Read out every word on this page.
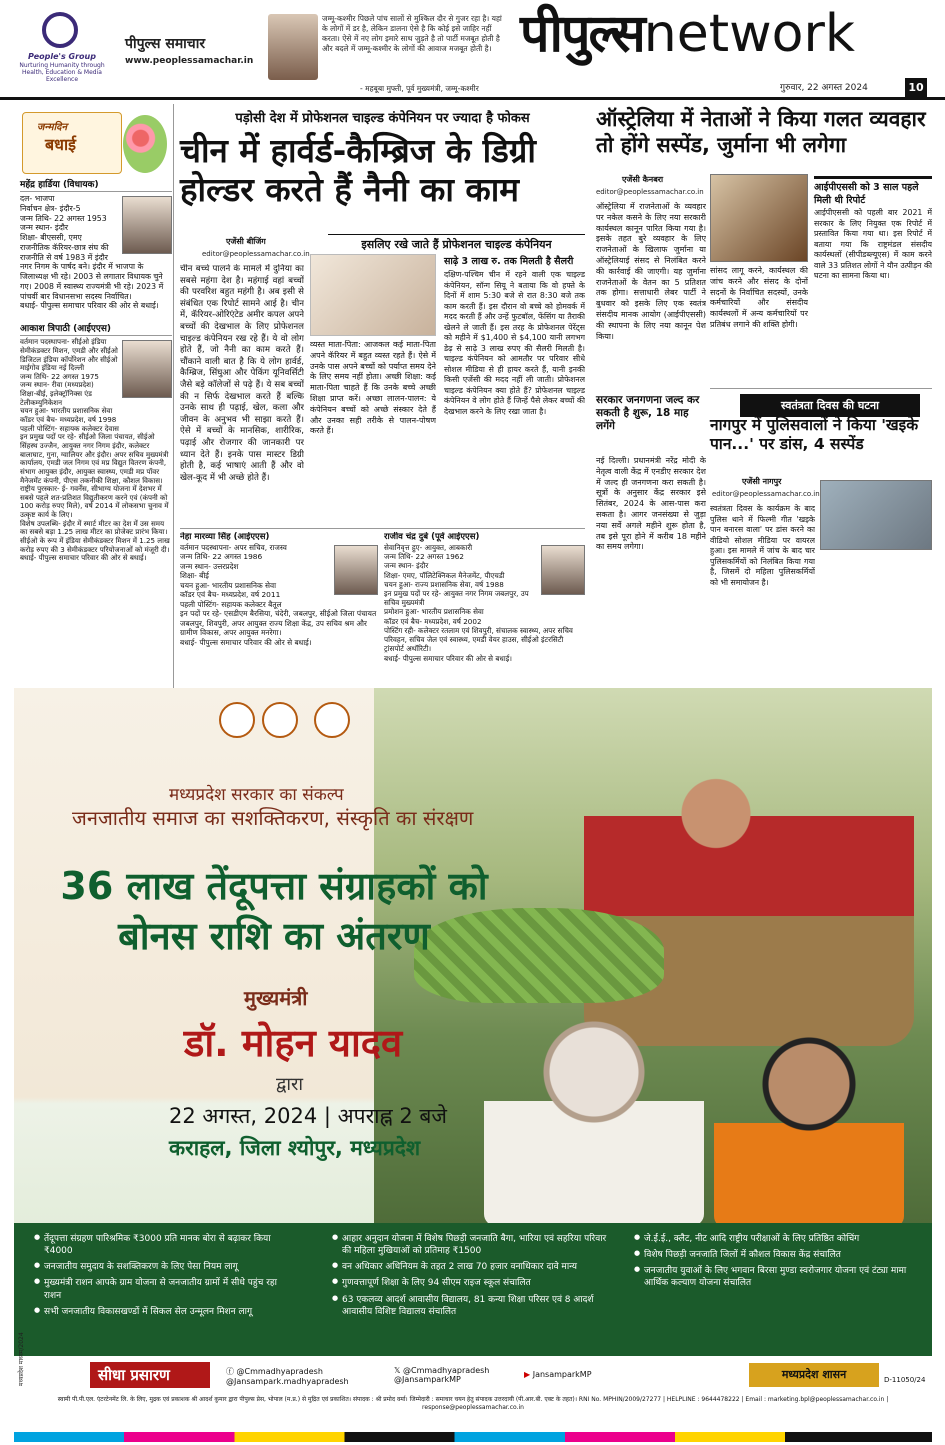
People's Group
Nurturing Humanity through Health, Education & Media Excellence
पीपुल्स समाचार
www.peoplessamachar.in
जम्मू-कश्मीर पिछले पांच सालों से मुश्किल दौर से गुजर रहा है। यहां के लोगों में डर है, लेकिन डालना ऐसे है कि कोई इसे जाहिर नहीं करता। ऐसे में नए लोग इमारे साथ जुड़ते है तो पार्टी मजबूत होती है और बदले में जम्मू-कश्मीर के लोगों की आवाज मजबूत होती है।
- महबूबा मुफ्ती, पूर्व मुख्यमंत्री, जम्मू-कश्मीर
पीपुल्सnetwork
गुरुवार, 22 अगस्त 2024	10
जन्मदिन
बधाई
महेंद्र हार्डिया (विधायक)
दल- भाजपा
निर्वाचन क्षेत्र- इंदौर-5
जन्म तिथि- 22 अगस्त 1953
जन्म स्थान- इंदौर
शिक्षा- बीएससी, एमए
राजनीतिक कॅरियर-छात्र संघ की राजनीति से वर्ष 1983 में इंदौर नगर निगम के पार्षद बने। इंदौर में भाजपा के जिलाध्यक्ष भी रहे। 2003 से लगातार विधायक चुने गए। 2008 में स्वास्थ्य राज्यमंत्री भी रहे। 2023 में पांचवीं बार विधानसभा सदस्य निर्वाचित।
बधाई- पीपुल्स समाचार परिवार की ओर से बधाई।
आकाश त्रिपाठी (आईएएस)
वर्तमान पदस्थापना- सीईओ इंडिया सेमीकंडक्टर मिशन, एमडी और सीईओ डिजिटल इंडिया कॉर्पोरेशन और सीईओ माईगोव इंडिया नई दिल्ली
जन्म तिथि- 22 अगस्त 1975
जन्म स्थान- रीवा (मध्यप्रदेश)
शिक्षा-बीई, इलेक्ट्रॉनिक्स एंड टेलीकम्युनिकेशन
चयन हुआ- भारतीय प्रशासनिक सेवा
कॉडर एवं बैच- मध्यप्रदेश, वर्ष 1998
पहली पोस्टिंग- सहायक कलेक्टर देवास
इन प्रमुख पदों पर रहे- सीईओ जिला पंचायत, सीईओ सिंहस्थ उज्जैन, आयुक्त नगर निगम इंदौर, कलेक्टर बालाघाट, गुना, ग्वालियर और इंदौर। अपर सचिव मुख्यमंत्री कार्यालय, एमडी जल निगम एवं मप्र विद्युत वितरण कंपनी, संभाग आयुक्त इंदौर, आयुक्त स्वास्थ्य, एमडी मप्र पॉवर मैनेजमेंट कंपनी, पीएस तकनीकी शिक्षा, कौशल विकास।
राष्ट्रीय पुरस्कार- ई- गवर्नेंस, सीभाग्य योजना में देशभर में सबसे पहले शत-प्रतिशत विद्युतीकरण करने एवं (कंपनी को 100 करोड़ रुपए मिले), वर्ष 2014 में लोकसभा चुनाव में उत्कृष्ट कार्य के लिए।
विशेष उपलब्धि- इंदौर में स्मार्ट मीटर का देश में उस समय का सबसे बड़ा 1.25 लाख मीटर का प्रोजेक्ट प्रारंभ किया। सीईओ के रूप में इंडिया सेमीकंडक्टर मिशन में 1.25 लाख करोड़ रुपए की 3 सेमीकंडक्टर परियोजनाओं को मंजूरी दी।
बधाई- पीपुल्स समाचार परिवार की ओर से बधाई।
पड़ोसी देश में प्रोफेशनल चाइल्ड कंपेनियन पर ज्यादा है फोकस
चीन में हार्वर्ड-कैम्ब्रिज के डिग्री होल्डर करते हैं नैनी का काम
एजेंसी बीजिंग
editor@peoplessamachar.co.in
इसलिए रखे जाते हैं प्रोफेशनल चाइल्ड कंपेनियन
चीन बच्चे पालने के मामले में दुनिया का सबसे महंगा देश है। महंगाई वहां बच्चों की परवरिश बहुत महंगी है। अब इसी से संबंधित एक रिपोर्ट सामने आई है। चीन में, कॅरियर-ओरिएंटेड अमीर कपल अपने बच्चों की देखभाल के लिए प्रोफेशनल चाइल्ड कंपेनियन रख रहे हैं। ये वो लोग होते हैं, जो नैनी का काम करते हैं। चौंकाने वाली बात है कि ये लोग हार्वर्ड, कैम्ब्रिज, सिंघुआ और पेकिंग यूनिवर्सिटी जैसे बड़े कॉलेजों से पढ़े हैं। ये सब बच्चों की न सिर्फ देखभाल करते हैं बल्कि उनके साथ ही पढ़ाई, खेल, कला और जीवन के अनुभव भी साझा करते हैं। ऐसे में बच्चों के मानसिक, शारीरिक, पढ़ाई और रोजगार की जानकारी पर ध्यान देते हैं। इनके पास मास्टर डिग्री होती है, कई भाषाएं आती हैं और वो खेल-कूद में भी अच्छे होते हैं।
व्यस्त माता-पिता: आजकल कई माता-पिता अपने कॅरियर में बहुत व्यस्त रहते हैं। ऐसे में उनके पास अपने बच्चों को पर्याप्त समय देने के लिए समय नहीं होता। अच्छी शिक्षा: कई माता-पिता चाहते हैं कि उनके बच्चे अच्छी शिक्षा प्राप्त करें। अच्छा लालन-पालन: ये कंपेनियन बच्चों को अच्छे संस्कार देते हैं और उनका सही तरीके से पालन-पोषण करते हैं।
साढ़े 3 लाख रु. तक मिलती है सैलरी
दक्षिण-पश्चिम चीन में रहने वाली एक चाइल्ड कंपेनियन, सॉन्ग सियू ने बताया कि वो हफ्ते के दिनों में शाम 5:30 बजे से रात 8:30 बजे तक काम करती हैं। इस दौरान वो बच्चे को होमवर्क में मदद करती हैं और उन्हें फुटबॉल, फेंसिंग या तैराकी खेलने ले जाती हैं। इस तरह के प्रोफेशनल पेरेंट्स को महीने में $1,400 से $4,100 यानी लगभग डेढ़ से साढ़े 3 लाख रुपए की सैलरी मिलती है। चाइल्ड कंपेनियन को आमतौर पर परिवार सीधे सोशल मीडिया से ही हायर करते हैं, यानी इनकी किसी एजेंसी की मदद नहीं ली जाती। प्रोफेशनल चाइल्ड कंपेनियन क्या होते हैं? प्रोफेशनल चाइल्ड कंपेनियन वे लोग होते हैं जिन्हें पैसे लेकर बच्चों की देखभाल करने के लिए रखा जाता है।
नेहा मारव्या सिंह (आईएएस)
वर्तमान पदस्थापना- अपर सचिव, राजस्व
जन्म तिथि- 22 अगस्त 1986
जन्म स्थान- उत्तरप्रदेश
शिक्षा- बीई
चयन हुआ- भारतीय प्रशासनिक सेवा
कॉडर एवं बैच- मध्यप्रदेश, वर्ष 2011
पहली पोस्टिंग- सहायक कलेक्टर बैतूल
इन पदों पर रहे- एसडीएम बैरसिया, चंदेरी, जबलपुर, सीईओ जिला पंचायत जबलपुर, शिवपुरी, अपर आयुक्त राज्य शिक्षा केंद्र, उप सचिव श्रम और ग्रामीण विकास, अपर आयुक्त मनरेगा।
बधाई- पीपुल्स समाचार परिवार की ओर से बधाई।
राजीव चंद्र दुबे (पूर्व आईएएस)
सेवानिवृत्त हुए- आयुक्त, आबकारी
जन्म तिथि- 22 अगस्त 1962
जन्म स्थान- इंदौर
शिक्षा- एमए, पॉलिटेक्निकल मैनेजमेंट, पीएचडी
चयन हुआ- राज्य प्रशासनिक सेवा, वर्ष 1988
इन प्रमुख पदों पर रहे- आयुक्त नगर निगम जबलपुर, उप सचिव मुख्यमंत्री
प्रमोशन हुआ- भारतीय प्रशासनिक सेवा
कॉडर एवं बैच- मध्यप्रदेश, वर्ष 2002
पोस्टिंग रही- कलेक्टर रतलाम एवं शिवपुरी, संचालक स्वास्थ्य, अपर सचिव परिवहन, सचिव जेल एवं स्वास्थ्य, एमडी वेयर हाउस, सीईओ इंटरसिटी ट्रांसपोर्ट अथॉरिटी।
बधाई- पीपुल्स समाचार परिवार की ओर से बधाई।
ऑस्ट्रेलिया में नेताओं ने किया गलत व्यवहार तो होंगे सस्पेंड, जुर्माना भी लगेगा
एजेंसी कैनबरा
editor@peoplessamachar.co.in
ऑस्ट्रेलिया में राजनेताओं के व्यवहार पर नकेल कसने के लिए नया सरकारी कार्यस्थल कानून पारित किया गया है। इसके तहत बुरे व्यवहार के लिए राजनेताओं के खिलाफ जुर्माना या ऑस्ट्रेलियाई संसद से निलंबित करने की कार्रवाई की जाएगी। यह जुर्माना राजनेताओं के वेतन का 5 प्रतिशत तक होगा। सत्ताधारी लेबर पार्टी ने बुधवार को इसके लिए एक स्वतंत्र संसदीय मानक आयोग (आईपीएससी) की स्थापना के लिए नया कानून पेश किया।
सांसद लागू करने, कार्यस्थल की जांच करने और संसद के दोनों सदनों के निर्वाचित सदस्यों, उनके कर्मचारियों और संसदीय कार्यस्थलों में अन्य कर्मचारियों पर प्रतिबंध लगाने की शक्ति होगी।
आईपीएससी को 3 साल पहले मिली थी रिपोर्ट
आईपीएससी को पहली बार 2021 में सरकार के लिए नियुक्त एक रिपोर्ट में प्रस्तावित किया गया था। इस रिपोर्ट में बताया गया कि राष्ट्रमंडल संसदीय कार्यस्थलों (सीपीडब्ल्यूएस) में काम करने वाले 33 प्रतिशत लोगों ने यौन उत्पीड़न की घटना का सामना किया था।
सरकार जनगणना जल्द कर सकती है शुरू, 18 माह लगेंगे
नई दिल्ली। प्रधानमंत्री नरेंद्र मोदी के नेतृत्व वाली केंद्र में एनडीए सरकार देश में जल्द ही जनगणना करा सकती है। सूत्रों के अनुसार केंद्र सरकार इसे सितंबर, 2024 के आस-पास करा सकता है। आगर जनसंख्या से जुड़ा नया सर्वे अगले महीने शुरू होता है, तब इसे पूरा होने में करीब 18 महीने का समय लगेगा।
स्वतंत्रता दिवस की घटना
नागपुर में पुलिसवालों ने किया 'खइके पान...' पर डांस, 4 सस्पेंड
एजेंसी नागपुर
editor@peoplessamachar.co.in
स्वतंत्रता दिवस के कार्यक्रम के बाद पुलिस थाने में फिल्मी गीत 'खइके पान बनारस वाला' पर डांस करने का वीडियो सोशल मीडिया पर वायरल हुआ। इस मामले में जांच के बाद चार पुलिसकर्मियों को निलंबित किया गया है, जिसमें दो महिला पुलिसकर्मियों को भी समायोजन है।
मध्यप्रदेश सरकार का संकल्प
जनजातीय समाज का सशक्तिकरण, संस्कृति का संरक्षण
36 लाख तेंदूपत्ता संग्राहकों को
बोनस राशि का अंतरण
मुख्यमंत्री
डॉ. मोहन यादव
द्वारा
22 अगस्त, 2024 | अपराह्न 2 बजे
कराहल, जिला श्योपुर, मध्यप्रदेश
● तेंदूपत्ता संग्रहण पारिश्रमिक ₹3000 प्रति मानक बोरा से बढ़ाकर किया ₹4000
● जनजातीय समुदाय के सशक्तिकरण के लिए पेसा नियम लागू
● मुख्यमंत्री राशन आपके ग्राम योजना से जनजातीय ग्रामों में सीधे पहुंच रहा राशन
● सभी जनजातीय विकासखण्डों में सिकल सेल उन्मूलन मिशन लागू
● आहार अनुदान योजना में विशेष पिछड़ी जनजाति बैगा, भारिया एवं सहरिया परिवार की महिला मुखियाओं को प्रतिमाह ₹1500
● वन अधिकार अधिनियम के तहत 2 लाख 70 हजार वनाधिकार दावे मान्य
● गुणवत्तापूर्ण शिक्षा के लिए 94 सीएम राइज स्कूल संचालित
● 63 एकलव्य आदर्श आवासीय विद्यालय, 81 कन्या शिक्षा परिसर एवं 8 आदर्श आवासीय विशिष्ट विद्यालय संचालित
● जे.ई.ई., क्लैट, नीट आदि राष्ट्रीय परीक्षाओं के लिए प्रतिष्ठित कोचिंग
● विशेष पिछड़ी जनजाति जिलों में कौशल विकास केंद्र संचालित
● जनजातीय युवाओं के लिए भगवान बिरसा मुण्डा स्वरोजगार योजना एवं टंट्या मामा आर्थिक कल्याण योजना संचालित
मध्यप्रदेश माध्यम/2024	सीधा प्रसारण	ⓕ @Cmmadhyapradesh
@Jansampark.madhyapradesh
𝕏 @Cmmadhyapradesh
@JansamparkMP
▶ JansamparkMP	मध्यप्रदेश शासन	D-11050/24
स्वामी पी.पी.एल. एंटरटेनमेंट लि. के लिए, मुद्रक एवं प्रकाशक श्री आदर्श कुमार द्वारा पीपुल्स प्रेस, भोपाल (म.प्र.) से मुद्रित एवं प्रकाशित। संपादक : श्री प्रमोद वर्मा। जिम्मेदारी : समाचार चयन हेतु संपादक उत्तरदायी (पी.आर.बी. एक्ट के तहत)। RNI No. MPHIN/2009/27277 | HELPLINE : 9644478222 | Email : marketing.bpl@peoplessamachar.co.in | response@peoplessamachar.co.in
